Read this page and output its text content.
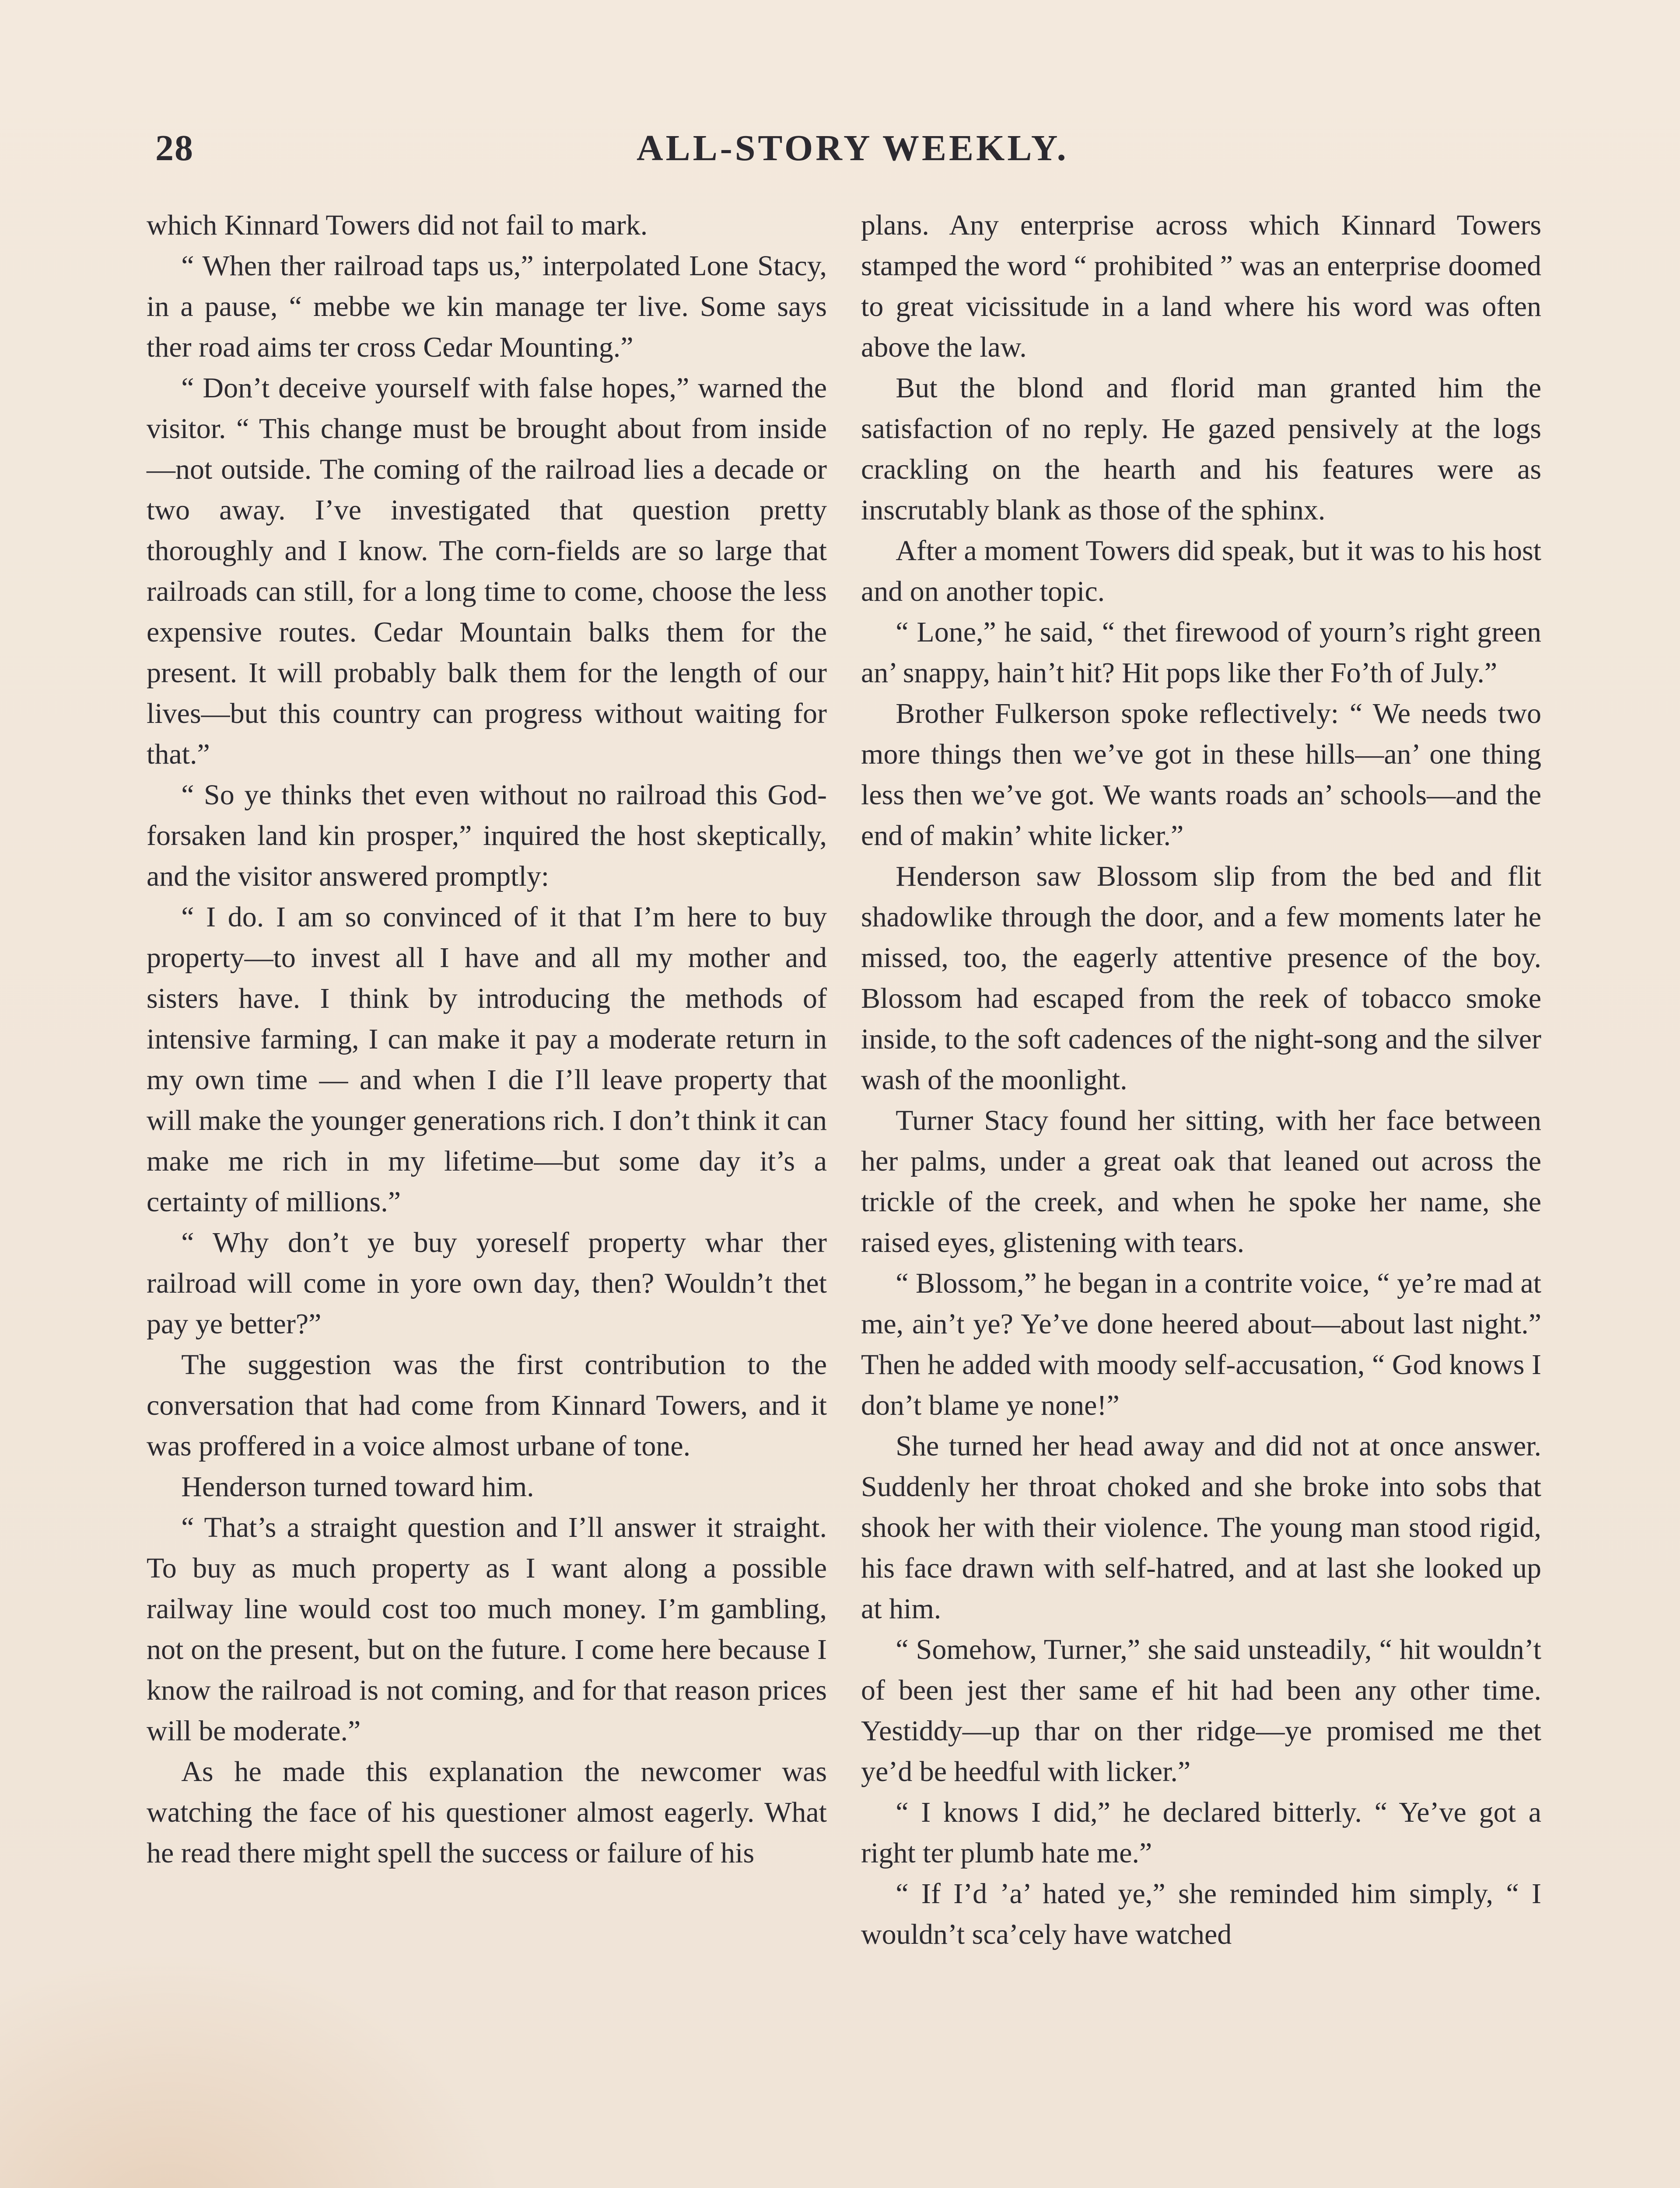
28	ALL-STORY WEEKLY.

which Kinnard Towers did not fail to mark.

“ When ther railroad taps us,” interpolated Lone Stacy, in a pause, “ mebbe we kin manage ter live. Some says ther road aims ter cross Cedar Mounting.”

“ Don’t deceive yourself with false hopes,” warned the visitor. “ This change must be brought about from inside—not outside. The coming of the railroad lies a decade or two away. I’ve investigated that question pretty thoroughly and I know. The corn-fields are so large that railroads can still, for a long time to come, choose the less expensive routes. Cedar Mountain balks them for the present. It will probably balk them for the length of our lives—but this country can progress without waiting for that.”

“ So ye thinks thet even without no railroad this God-forsaken land kin prosper,” inquired the host skeptically, and the visitor answered promptly:

“ I do. I am so convinced of it that I’m here to buy property—to invest all I have and all my mother and sisters have. I think by introducing the methods of intensive farming, I can make it pay a moderate return in my own time — and when I die I’ll leave property that will make the younger generations rich. I don’t think it can make me rich in my lifetime—but some day it’s a certainty of millions.”

“ Why don’t ye buy yoreself property whar ther railroad will come in yore own day, then? Wouldn’t thet pay ye better?”

The suggestion was the first contribution to the conversation that had come from Kinnard Towers, and it was proffered in a voice almost urbane of tone.

Henderson turned toward him.

“ That’s a straight question and I’ll answer it straight. To buy as much property as I want along a possible railway line would cost too much money. I’m gambling, not on the present, but on the future. I come here because I know the railroad is not coming, and for that reason prices will be moderate.”

As he made this explanation the newcomer was watching the face of his questioner almost eagerly. What he read there might spell the success or failure of his

plans. Any enterprise across which Kinnard Towers stamped the word “ prohibited ” was an enterprise doomed to great vicissitude in a land where his word was often above the law.

But the blond and florid man granted him the satisfaction of no reply. He gazed pensively at the logs crackling on the hearth and his features were as inscrutably blank as those of the sphinx.

After a moment Towers did speak, but it was to his host and on another topic.

“ Lone,” he said, “ thet firewood of yourn’s right green an’ snappy, hain’t hit? Hit pops like ther Fo’th of July.”

Brother Fulkerson spoke reflectively: “ We needs two more things then we’ve got in these hills—an’ one thing less then we’ve got. We wants roads an’ schools—and the end of makin’ white licker.”

Henderson saw Blossom slip from the bed and flit shadowlike through the door, and a few moments later he missed, too, the eagerly attentive presence of the boy. Blossom had escaped from the reek of tobacco smoke inside, to the soft cadences of the night-song and the silver wash of the moonlight.

Turner Stacy found her sitting, with her face between her palms, under a great oak that leaned out across the trickle of the creek, and when he spoke her name, she raised eyes, glistening with tears.

“ Blossom,” he began in a contrite voice, “ ye’re mad at me, ain’t ye? Ye’ve done heered about—about last night.” Then he added with moody self-accusation, “ God knows I don’t blame ye none!”

She turned her head away and did not at once answer. Suddenly her throat choked and she broke into sobs that shook her with their violence. The young man stood rigid, his face drawn with self-hatred, and at last she looked up at him.

“ Somehow, Turner,” she said unsteadily, “ hit wouldn’t of been jest ther same ef hit had been any other time. Yestiddy—up thar on ther ridge—ye promised me thet ye’d be heedful with licker.”

“ I knows I did,” he declared bitterly. “ Ye’ve got a right ter plumb hate me.”

“ If I’d ’a’ hated ye,” she reminded him simply, “ I wouldn’t sca’cely have watched
